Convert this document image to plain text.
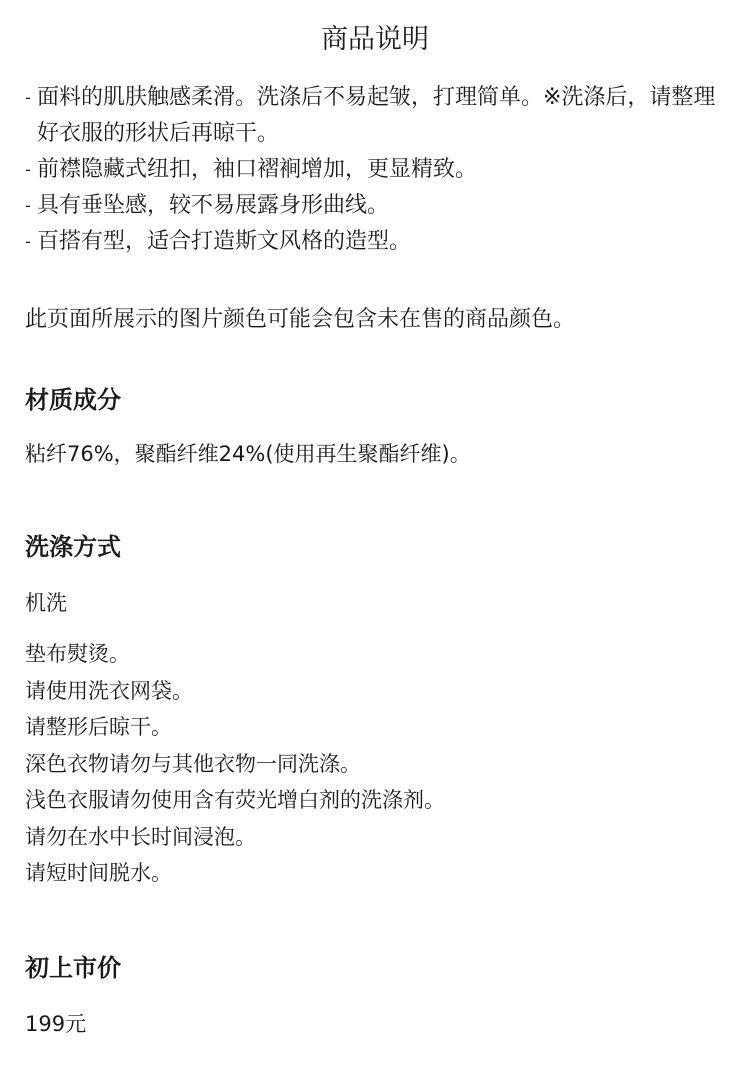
商品说明
- 面料的肌肤触感柔滑。洗涤后不易起皱，打理简单。※洗涤后，请整理好衣服的形状后再晾干。
- 前襟隐藏式纽扣，袖口褶裥增加，更显精致。
- 具有垂坠感，较不易展露身形曲线。
- 百搭有型，适合打造斯文风格的造型。

此页面所展示的图片颜色可能会包含未在售的商品颜色。

材质成分

粘纤76%，聚酯纤维24%(使用再生聚酯纤维)。

洗涤方式

机洗

垫布熨烫。
请使用洗衣网袋。
请整形后晾干。
深色衣物请勿与其他衣物一同洗涤。
浅色衣服请勿使用含有荧光增白剂的洗涤剂。
请勿在水中长时间浸泡。
请短时间脱水。
初上市价

199元
